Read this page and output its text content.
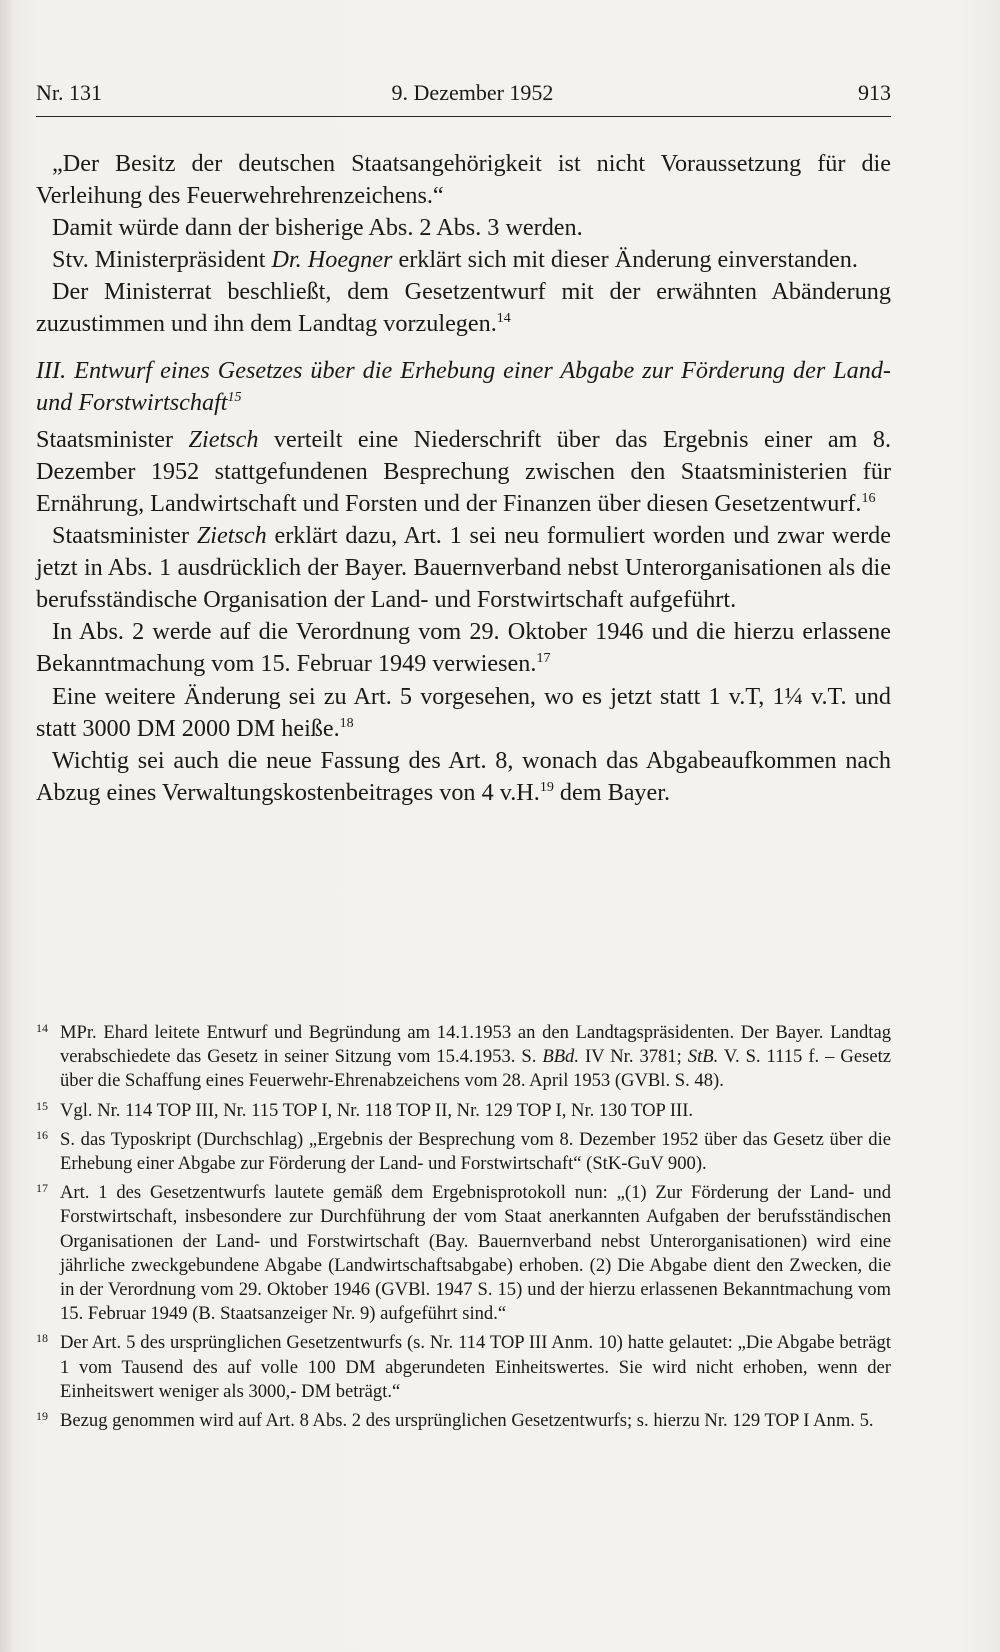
Nr. 131	9. Dezember 1952	913

„Der Besitz der deutschen Staatsangehörigkeit ist nicht Voraussetzung für die Verleihung des Feuerwehrehrenzeichens.“

Damit würde dann der bisherige Abs. 2 Abs. 3 werden.

Stv. Ministerpräsident Dr. Hoegner erklärt sich mit dieser Änderung einverstanden.

Der Ministerrat beschließt, dem Gesetzentwurf mit der erwähnten Abänderung zuzustimmen und ihn dem Landtag vorzulegen.$^{14}$

III. Entwurf eines Gesetzes über die Erhebung einer Abgabe zur Förderung der Land- und Forstwirtschaft$^{15}$

Staatsminister Zietsch verteilt eine Niederschrift über das Ergebnis einer am 8. Dezember 1952 stattgefundenen Besprechung zwischen den Staatsministerien für Ernährung, Landwirtschaft und Forsten und der Finanzen über diesen Gesetzentwurf.$^{16}$

Staatsminister Zietsch erklärt dazu, Art. 1 sei neu formuliert worden und zwar werde jetzt in Abs. 1 ausdrücklich der Bayer. Bauernverband nebst Unterorganisationen als die berufsständische Organisation der Land- und Forstwirtschaft aufgeführt.

In Abs. 2 werde auf die Verordnung vom 29. Oktober 1946 und die hierzu erlassene Bekanntmachung vom 15. Februar 1949 verwiesen.$^{17}$

Eine weitere Änderung sei zu Art. 5 vorgesehen, wo es jetzt statt 1 v.T, 1¼ v.T. und statt 3000 DM 2000 DM heiße.$^{18}$

Wichtig sei auch die neue Fassung des Art. 8, wonach das Abgabeaufkommen nach Abzug eines Verwaltungskostenbeitrages von 4 v.H.$^{19}$ dem Bayer.

14 MPr. Ehard leitete Entwurf und Begründung am 14.1.1953 an den Landtagspräsidenten. Der Bayer. Landtag verabschiedete das Gesetz in seiner Sitzung vom 15.4.1953. S. BBd. IV Nr. 3781; StB. V. S. 1115 f. – Gesetz über die Schaffung eines Feuerwehr-Ehrenabzeichens vom 28. April 1953 (GVBl. S. 48).
15 Vgl. Nr. 114 TOP III, Nr. 115 TOP I, Nr. 118 TOP II, Nr. 129 TOP I, Nr. 130 TOP III.
16 S. das Typoskript (Durchschlag) „Ergebnis der Besprechung vom 8. Dezember 1952 über das Gesetz über die Erhebung einer Abgabe zur Förderung der Land- und Forstwirtschaft“ (StK-GuV 900).
17 Art. 1 des Gesetzentwurfs lautete gemäß dem Ergebnisprotokoll nun: „(1) Zur Förderung der Land- und Forstwirtschaft, insbesondere zur Durchführung der vom Staat anerkannten Aufgaben der berufsständischen Organisationen der Land- und Forstwirtschaft (Bay. Bauernverband nebst Unterorganisationen) wird eine jährliche zweckgebundene Abgabe (Landwirtschaftsabgabe) erhoben. (2) Die Abgabe dient den Zwecken, die in der Verordnung vom 29. Oktober 1946 (GVBl. 1947 S. 15) und der hierzu erlassenen Bekanntmachung vom 15. Februar 1949 (B. Staatsanzeiger Nr. 9) aufgeführt sind.“
18 Der Art. 5 des ursprünglichen Gesetzentwurfs (s. Nr. 114 TOP III Anm. 10) hatte gelautet: „Die Abgabe beträgt 1 vom Tausend des auf volle 100 DM abgerundeten Einheitswertes. Sie wird nicht erhoben, wenn der Einheitswert weniger als 3000,- DM beträgt.“
19 Bezug genommen wird auf Art. 8 Abs. 2 des ursprünglichen Gesetzentwurfs; s. hierzu Nr. 129 TOP I Anm. 5.
